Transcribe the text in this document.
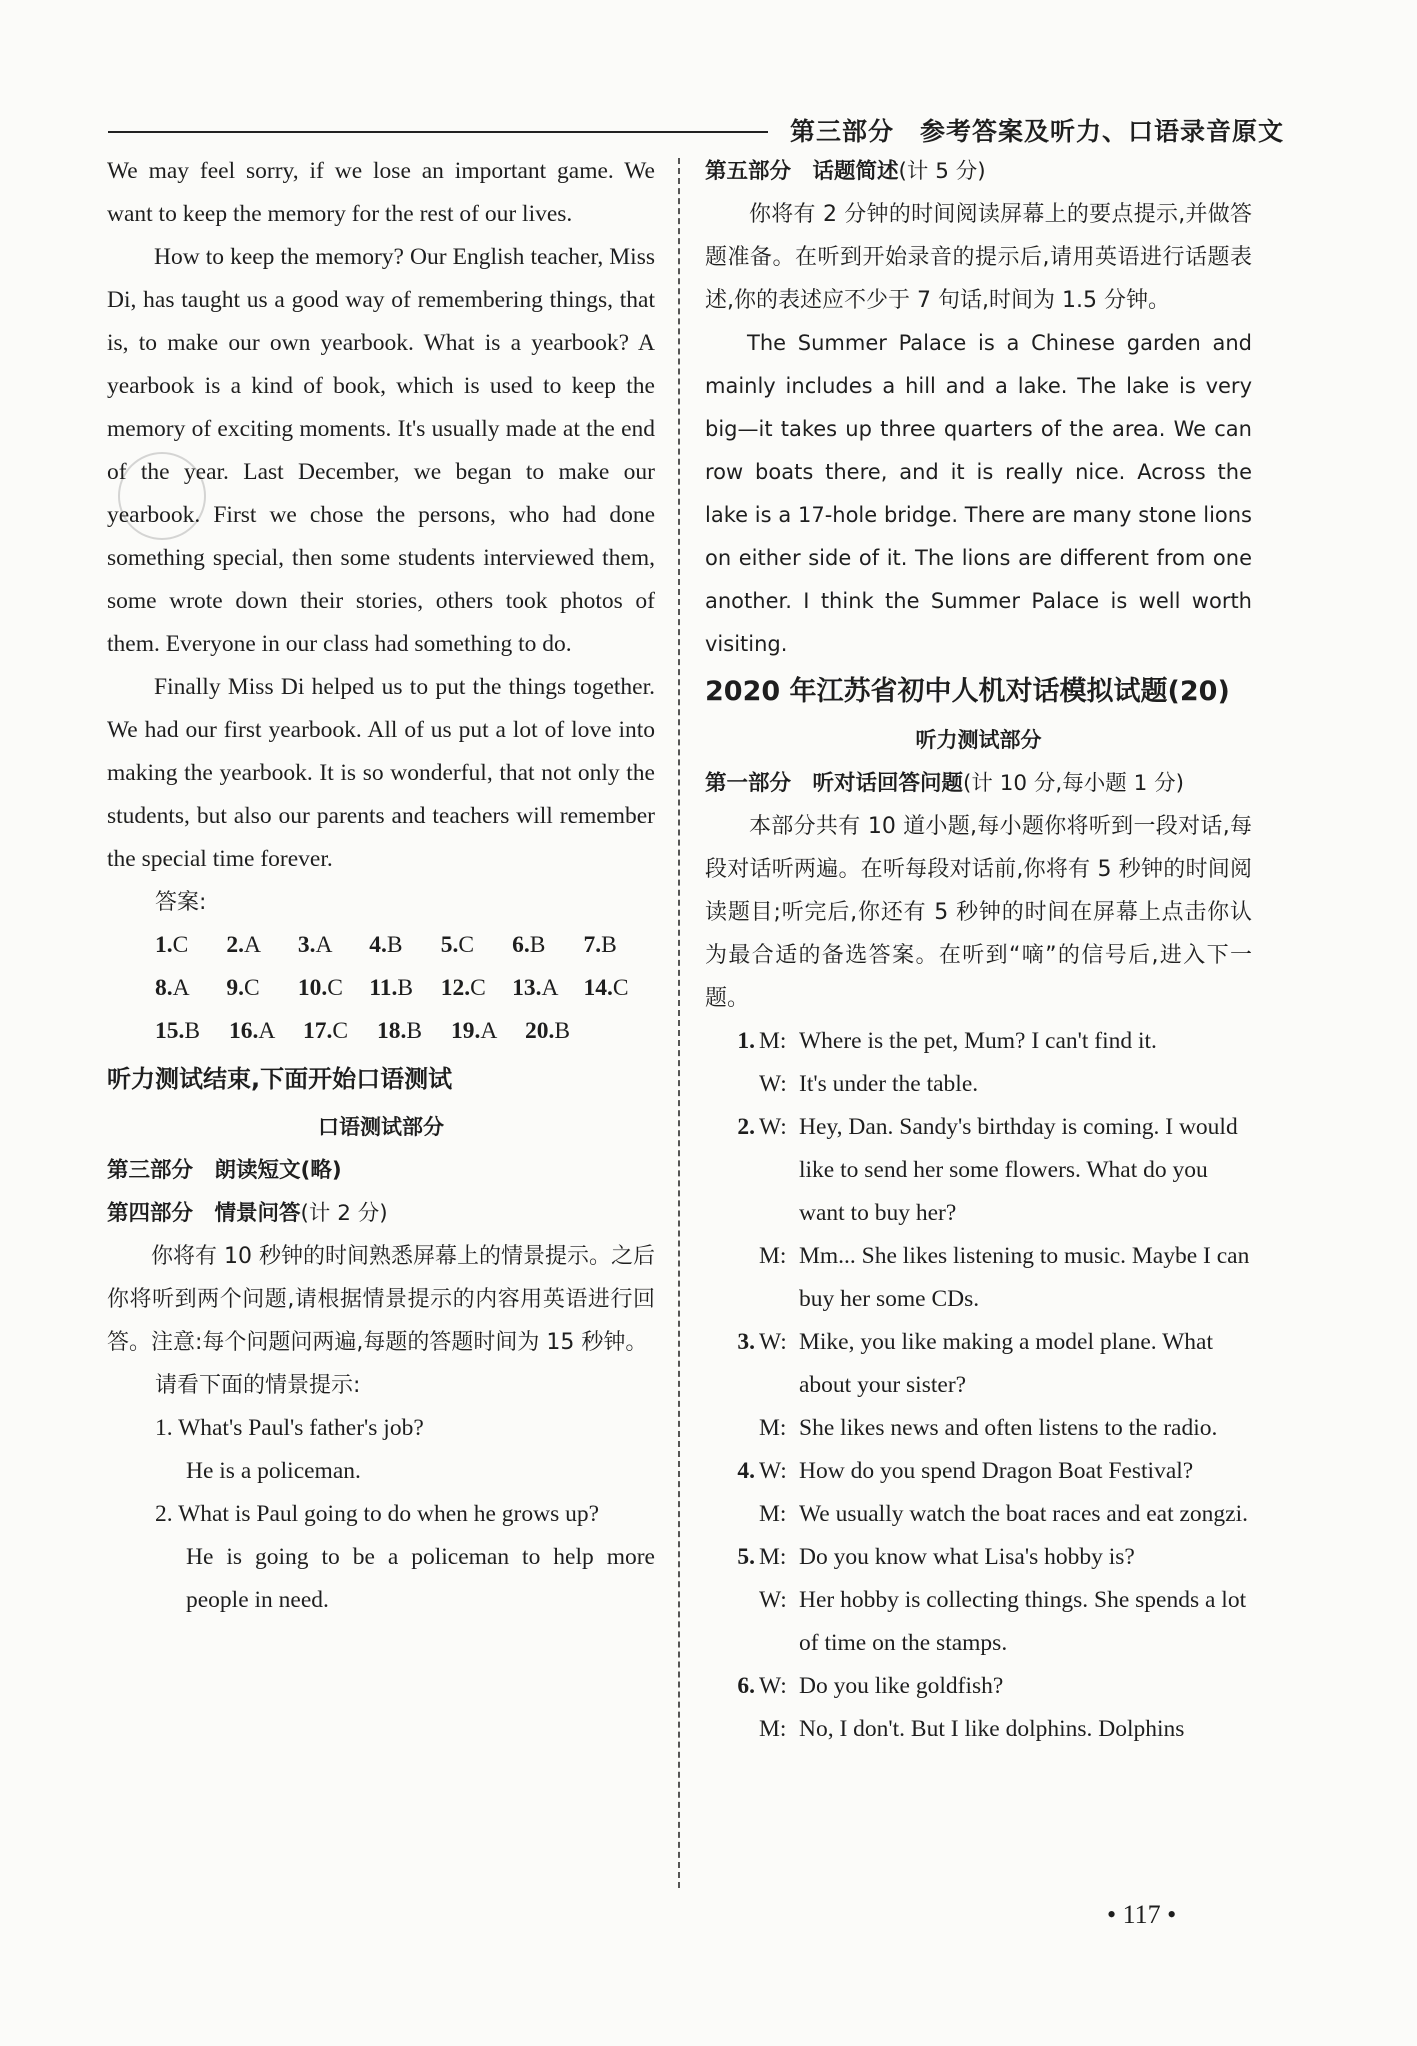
第三部分　参考答案及听力、口语录音原文

We may feel sorry, if we lose an important game. We want to keep the memory for the rest of our lives.

How to keep the memory? Our English teacher, Miss Di, has taught us a good way of remembering things, that is, to make our own yearbook. What is a yearbook? A yearbook is a kind of book, which is used to keep the memory of exciting moments. It's usually made at the end of the year. Last December, we began to make our yearbook. First we chose the persons, who had done something special, then some students interviewed them, some wrote down their stories, others took photos of them. Everyone in our class had something to do.

Finally Miss Di helped us to put the things together. We had our first yearbook. All of us put a lot of love into making the yearbook. It is so wonderful, that not only the students, but also our parents and teachers will remember the special time forever.

答案:

1.C	2.A	3.A	4.B	5.C	6.B	7.B
8.A	9.C	10.C	11.B	12.C	13.A	14.C
15.B	16.A	17.C	18.B	19.A	20.B

听力测试结束,下面开始口语测试

口语测试部分

第三部分　朗读短文(略)

第四部分　情景问答(计 2 分)

你将有 10 秒钟的时间熟悉屏幕上的情景提示。之后你将听到两个问题,请根据情景提示的内容用英语进行回答。注意:每个问题问两遍,每题的答题时间为 15 秒钟。

请看下面的情景提示:

1. What's Paul's father's job?

He is a policeman.

2. What is Paul going to do when he grows up?

He is going to be a policeman to help more people in need.

第五部分　话题简述(计 5 分)

你将有 2 分钟的时间阅读屏幕上的要点提示,并做答题准备。在听到开始录音的提示后,请用英语进行话题表述,你的表述应不少于 7 句话,时间为 1.5 分钟。

The Summer Palace is a Chinese garden and mainly includes a hill and a lake. The lake is very big—it takes up three quarters of the area. We can row boats there, and it is really nice. Across the lake is a 17-hole bridge. There are many stone lions on either side of it. The lions are different from one another. I think the Summer Palace is well worth visiting.

2020 年江苏省初中人机对话模拟试题(20)

听力测试部分

第一部分　听对话回答问题(计 10 分,每小题 1 分)

本部分共有 10 道小题,每小题你将听到一段对话,每段对话听两遍。在听每段对话前,你将有 5 秒钟的时间阅读题目;听完后,你还有 5 秒钟的时间在屏幕上点击你认为最合适的备选答案。在听到“嘀”的信号后,进入下一题。

1. M: Where is the pet, Mum? I can't find it.
W: It's under the table.
2. W: Hey, Dan. Sandy's birthday is coming. I would like to send her some flowers. What do you want to buy her?
M: Mm... She likes listening to music. Maybe I can buy her some CDs.
3. W: Mike, you like making a model plane. What about your sister?
M: She likes news and often listens to the radio.
4. W: How do you spend Dragon Boat Festival?
M: We usually watch the boat races and eat zongzi.
5. M: Do you know what Lisa's hobby is?
W: Her hobby is collecting things. She spends a lot of time on the stamps.
6. W: Do you like goldfish?
M: No, I don't. But I like dolphins. Dolphins
• 117 •
